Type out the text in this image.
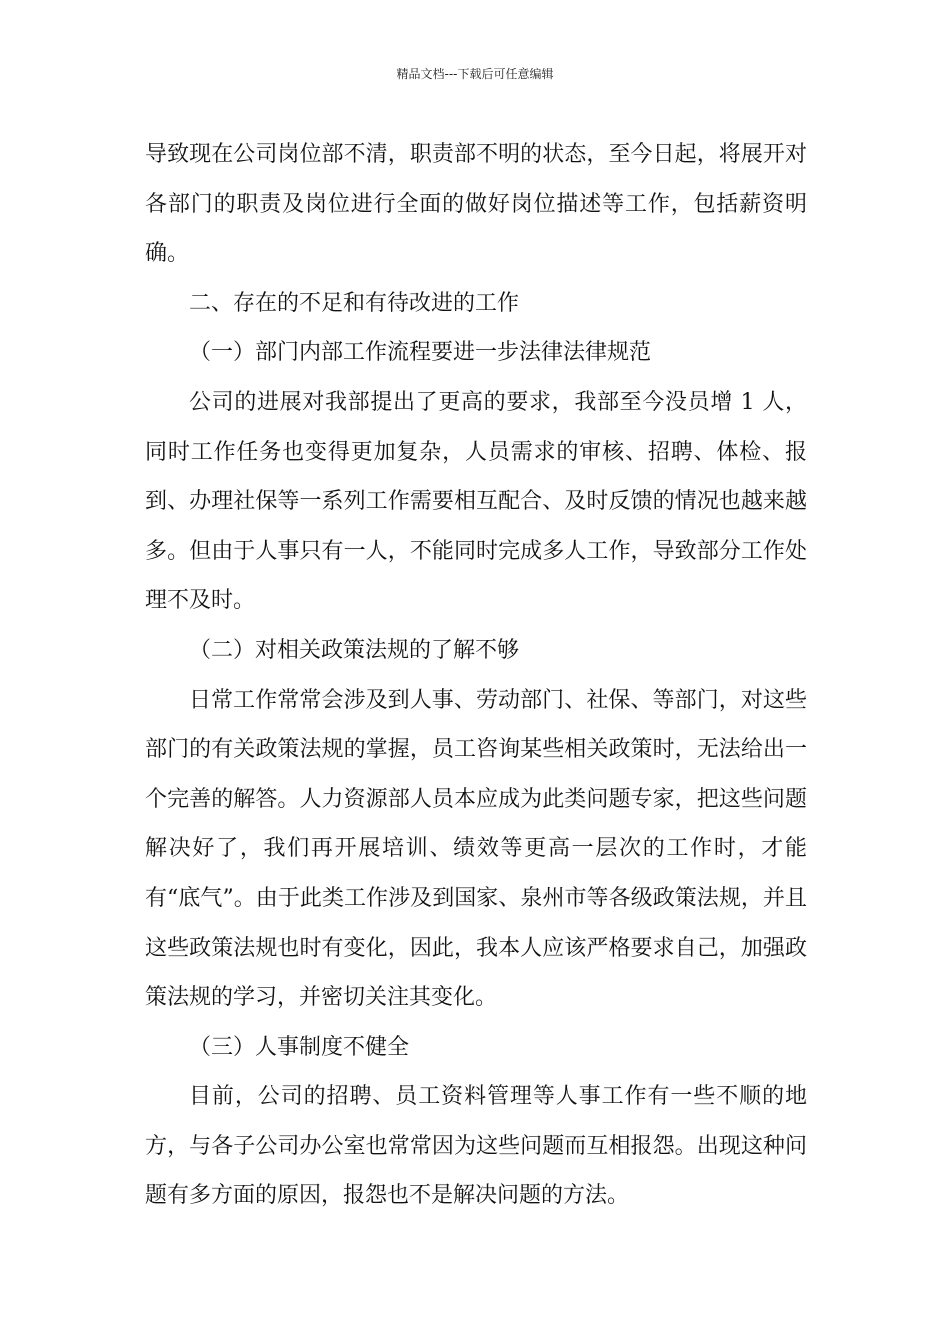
精品文档---下载后可任意编辑

导致现在公司岗位部不清，职责部不明的状态，至今日起，将展开对各部门的职责及岗位进行全面的做好岗位描述等工作，包括薪资明确。

二、存在的不足和有待改进的工作

（一）部门内部工作流程要进一步法律法律规范

公司的进展对我部提出了更高的要求，我部至今没员增 1 人，同时工作任务也变得更加复杂，人员需求的审核、招聘、体检、报到、办理社保等一系列工作需要相互配合、及时反馈的情况也越来越多。但由于人事只有一人，不能同时完成多人工作，导致部分工作处理不及时。

（二）对相关政策法规的了解不够

日常工作常常会涉及到人事、劳动部门、社保、等部门，对这些部门的有关政策法规的掌握，员工咨询某些相关政策时，无法给出一个完善的解答。人力资源部人员本应成为此类问题专家，把这些问题解决好了，我们再开展培训、绩效等更高一层次的工作时，才能有“底气”。由于此类工作涉及到国家、泉州市等各级政策法规，并且这些政策法规也时有变化，因此，我本人应该严格要求自己，加强政策法规的学习，并密切关注其变化。

（三）人事制度不健全

目前，公司的招聘、员工资料管理等人事工作有一些不顺的地方，与各子公司办公室也常常因为这些问题而互相报怨。出现这种问题有多方面的原因，报怨也不是解决问题的方法。
